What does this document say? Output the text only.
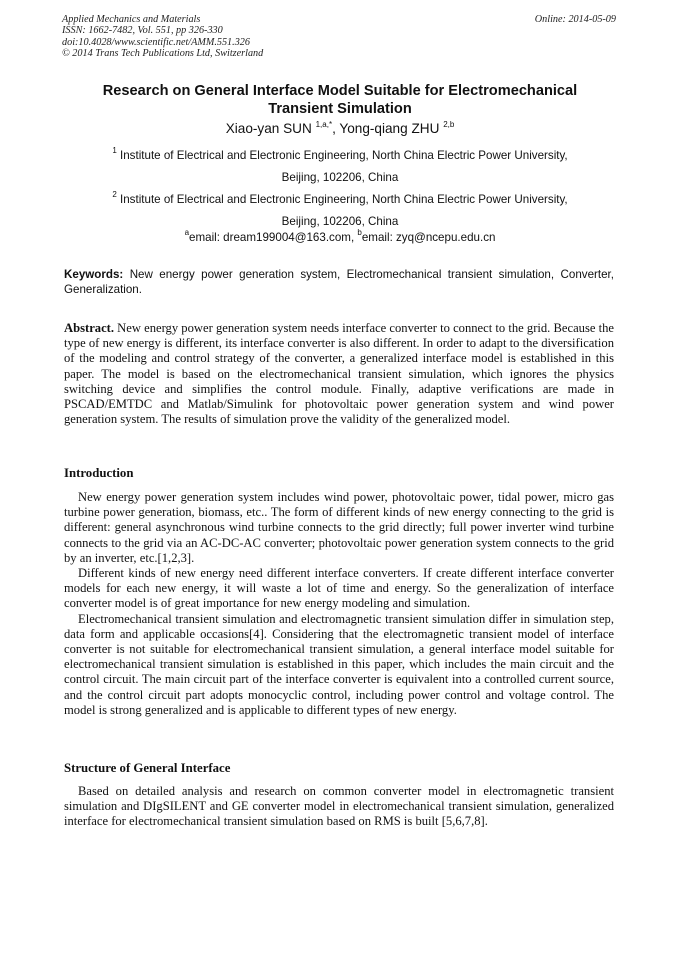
Applied Mechanics and Materials
ISSN: 1662-7482, Vol. 551, pp 326-330
doi:10.4028/www.scientific.net/AMM.551.326
© 2014 Trans Tech Publications Ltd, Switzerland
Online: 2014-05-09
Research on General Interface Model Suitable for Electromechanical
Transient Simulation
Xiao-yan SUN $^{1,a,*}$, Yong-qiang ZHU $^{2,b}$
$^1$ Institute of Electrical and Electronic Engineering, North China Electric Power University,
Beijing, 102206, China
$^2$ Institute of Electrical and Electronic Engineering, North China Electric Power University,
Beijing, 102206, China
$^a$email: dream199004@163.com, $^b$email: zyq@ncepu.edu.cn
Keywords: New energy power generation system, Electromechanical transient simulation, Converter, Generalization.

Abstract. New energy power generation system needs interface converter to connect to the grid. Because the type of new energy is different, its interface converter is also different. In order to adapt to the diversification of the modeling and control strategy of the converter, a generalized interface model is established in this paper. The model is based on the electromechanical transient simulation, which ignores the physics switching device and simplifies the control module. Finally, adaptive verifications are made in PSCAD/EMTDC and Matlab/Simulink for photovoltaic power generation system and wind power generation system. The results of simulation prove the validity of the generalized model.

Introduction

New energy power generation system includes wind power, photovoltaic power, tidal power, micro gas turbine power generation, biomass, etc.. The form of different kinds of new energy connecting to the grid is different: general asynchronous wind turbine connects to the grid directly; full power inverter wind turbine connects to the grid via an AC-DC-AC converter; photovoltaic power generation system connects to the grid by an inverter, etc.[1,2,3].

Different kinds of new energy need different interface converters. If create different interface converter models for each new energy, it will waste a lot of time and energy. So the generalization of interface converter model is of great importance for new energy modeling and simulation.

Electromechanical transient simulation and electromagnetic transient simulation differ in simulation step, data form and applicable occasions[4]. Considering that the electromagnetic transient model of interface converter is not suitable for electromechanical transient simulation, a general interface model suitable for electromechanical transient simulation is established in this paper, which includes the main circuit and the control circuit. The main circuit part of the interface converter is equivalent into a controlled current source, and the control circuit part adopts monocyclic control, including power control and voltage control. The model is strong generalized and is applicable to different types of new energy.

Structure of General Interface

Based on detailed analysis and research on common converter model in electromagnetic transient simulation and DIgSILENT and GE converter model in electromechanical transient simulation, generalized interface for electromechanical transient simulation based on RMS is built [5,6,7,8].
